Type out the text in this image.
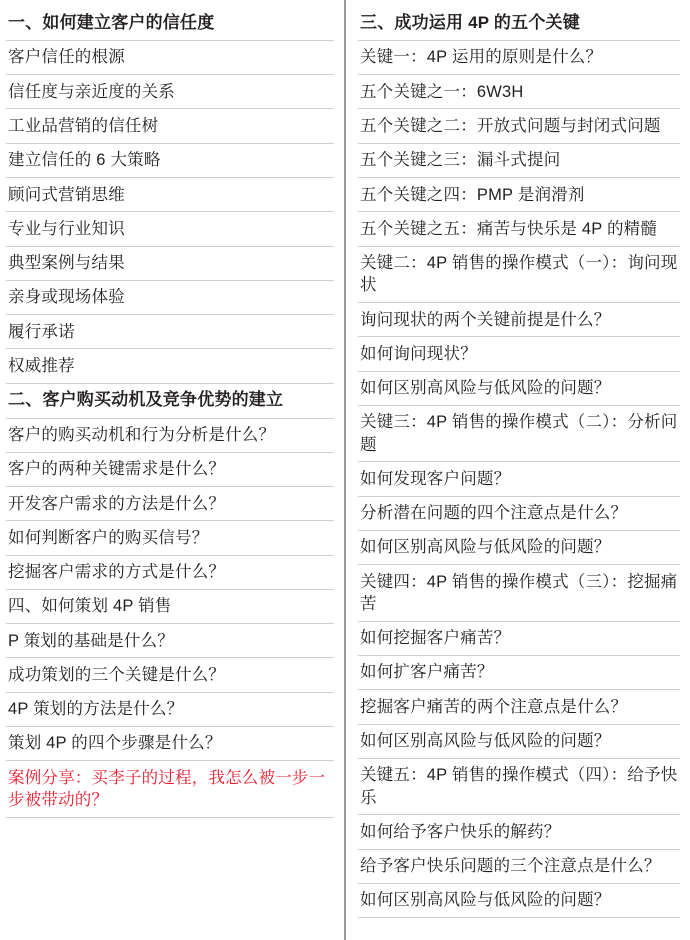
一、如何建立客户的信任度
客户信任的根源
信任度与亲近度的关系
工业品营销的信任树
建立信任的 6 大策略
顾问式营销思维
专业与行业知识
典型案例与结果
亲身或现场体验
履行承诺
权威推荐
二、客户购买动机及竞争优势的建立
客户的购买动机和行为分析是什么？
客户的两种关键需求是什么？
开发客户需求的方法是什么？
如何判断客户的购买信号？
挖掘客户需求的方式是什么？
四、如何策划 4P 销售
P 策划的基础是什么？
成功策划的三个关键是什么？
4P 策划的方法是什么？
策划 4P 的四个步骤是什么？
案例分享：买李子的过程，我怎么被一步一步被带动的？
三、成功运用 4P 的五个关键
关键一：4P 运用的原则是什么？
五个关键之一：6W3H
五个关键之二：开放式问题与封闭式问题
五个关键之三：漏斗式提问
五个关键之四：PMP 是润滑剂
五个关键之五：痛苦与快乐是 4P 的精髓
关键二：4P 销售的操作模式（一）：询问现状
询问现状的两个关键前提是什么？
如何询问现状？
如何区别高风险与低风险的问题？
关键三：4P 销售的操作模式（二）：分析问题
如何发现客户问题？
分析潜在问题的四个注意点是什么？
如何区别高风险与低风险的问题？
关键四：4P 销售的操作模式（三）：挖掘痛苦
如何挖掘客户痛苦？
如何扩客户痛苦？
挖掘客户痛苦的两个注意点是什么？
如何区别高风险与低风险的问题？
关键五：4P 销售的操作模式（四）：给予快乐
如何给予客户快乐的解药？
给予客户快乐问题的三个注意点是什么？
如何区别高风险与低风险的问题？
